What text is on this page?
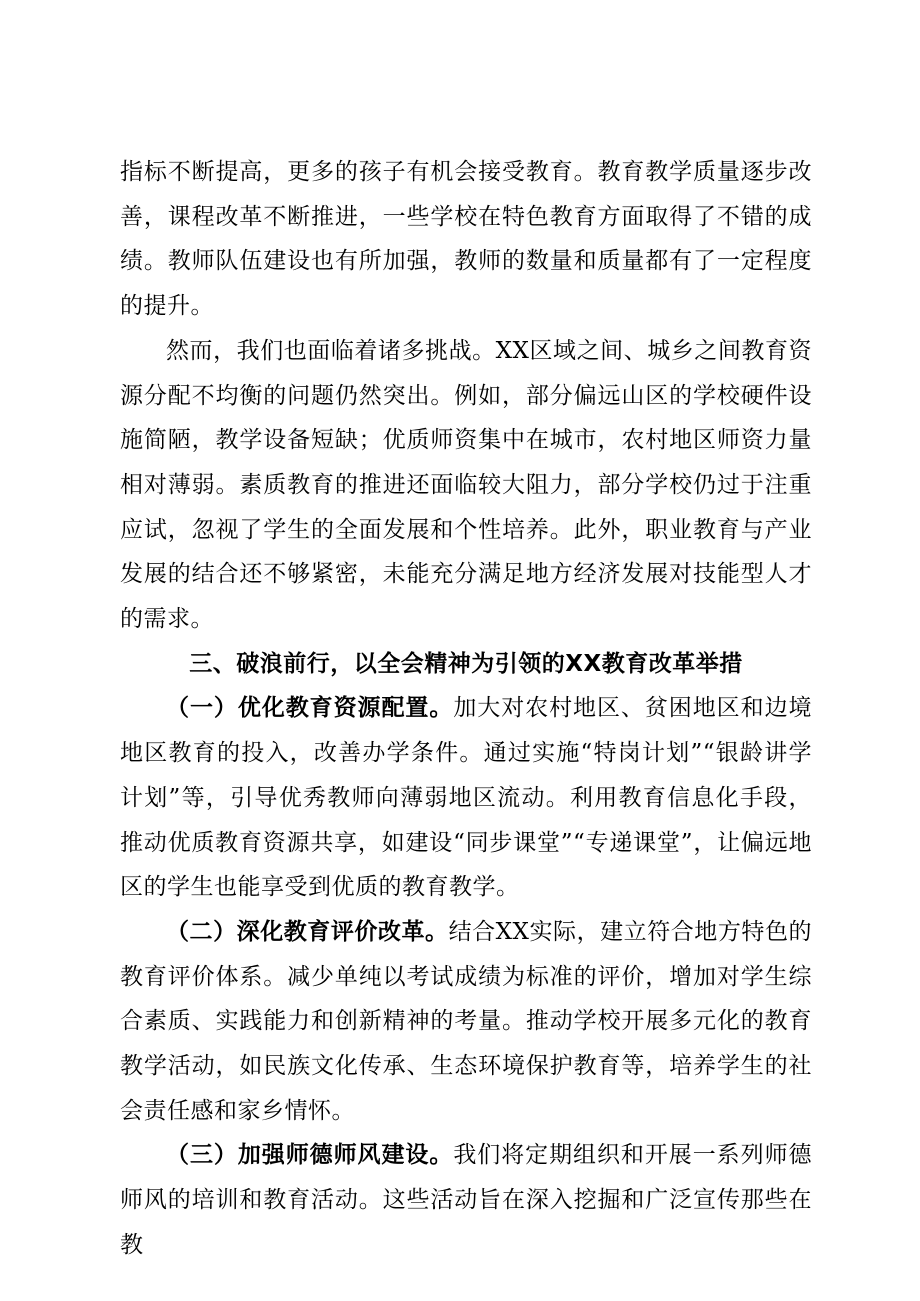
指标不断提高，更多的孩子有机会接受教育。教育教学质量逐步改善，课程改革不断推进，一些学校在特色教育方面取得了不错的成绩。教师队伍建设也有所加强，教师的数量和质量都有了一定程度的提升。

然而，我们也面临着诸多挑战。XX区域之间、城乡之间教育资源分配不均衡的问题仍然突出。例如，部分偏远山区的学校硬件设施简陋，教学设备短缺；优质师资集中在城市，农村地区师资力量相对薄弱。素质教育的推进还面临较大阻力，部分学校仍过于注重应试，忽视了学生的全面发展和个性培养。此外，职业教育与产业发展的结合还不够紧密，未能充分满足地方经济发展对技能型人才的需求。

三、破浪前行，以全会精神为引领的XX教育改革举措

（一）优化教育资源配置。加大对农村地区、贫困地区和边境地区教育的投入，改善办学条件。通过实施“特岗计划”“银龄讲学计划”等，引导优秀教师向薄弱地区流动。利用教育信息化手段，推动优质教育资源共享，如建设“同步课堂”“专递课堂”，让偏远地区的学生也能享受到优质的教育教学。

（二）深化教育评价改革。结合XX实际，建立符合地方特色的教育评价体系。减少单纯以考试成绩为标准的评价，增加对学生综合素质、实践能力和创新精神的考量。推动学校开展多元化的教育教学活动，如民族文化传承、生态环境保护教育等，培养学生的社会责任感和家乡情怀。

（三）加强师德师风建设。我们将定期组织和开展一系列师德师风的培训和教育活动。这些活动旨在深入挖掘和广泛宣传那些在教
